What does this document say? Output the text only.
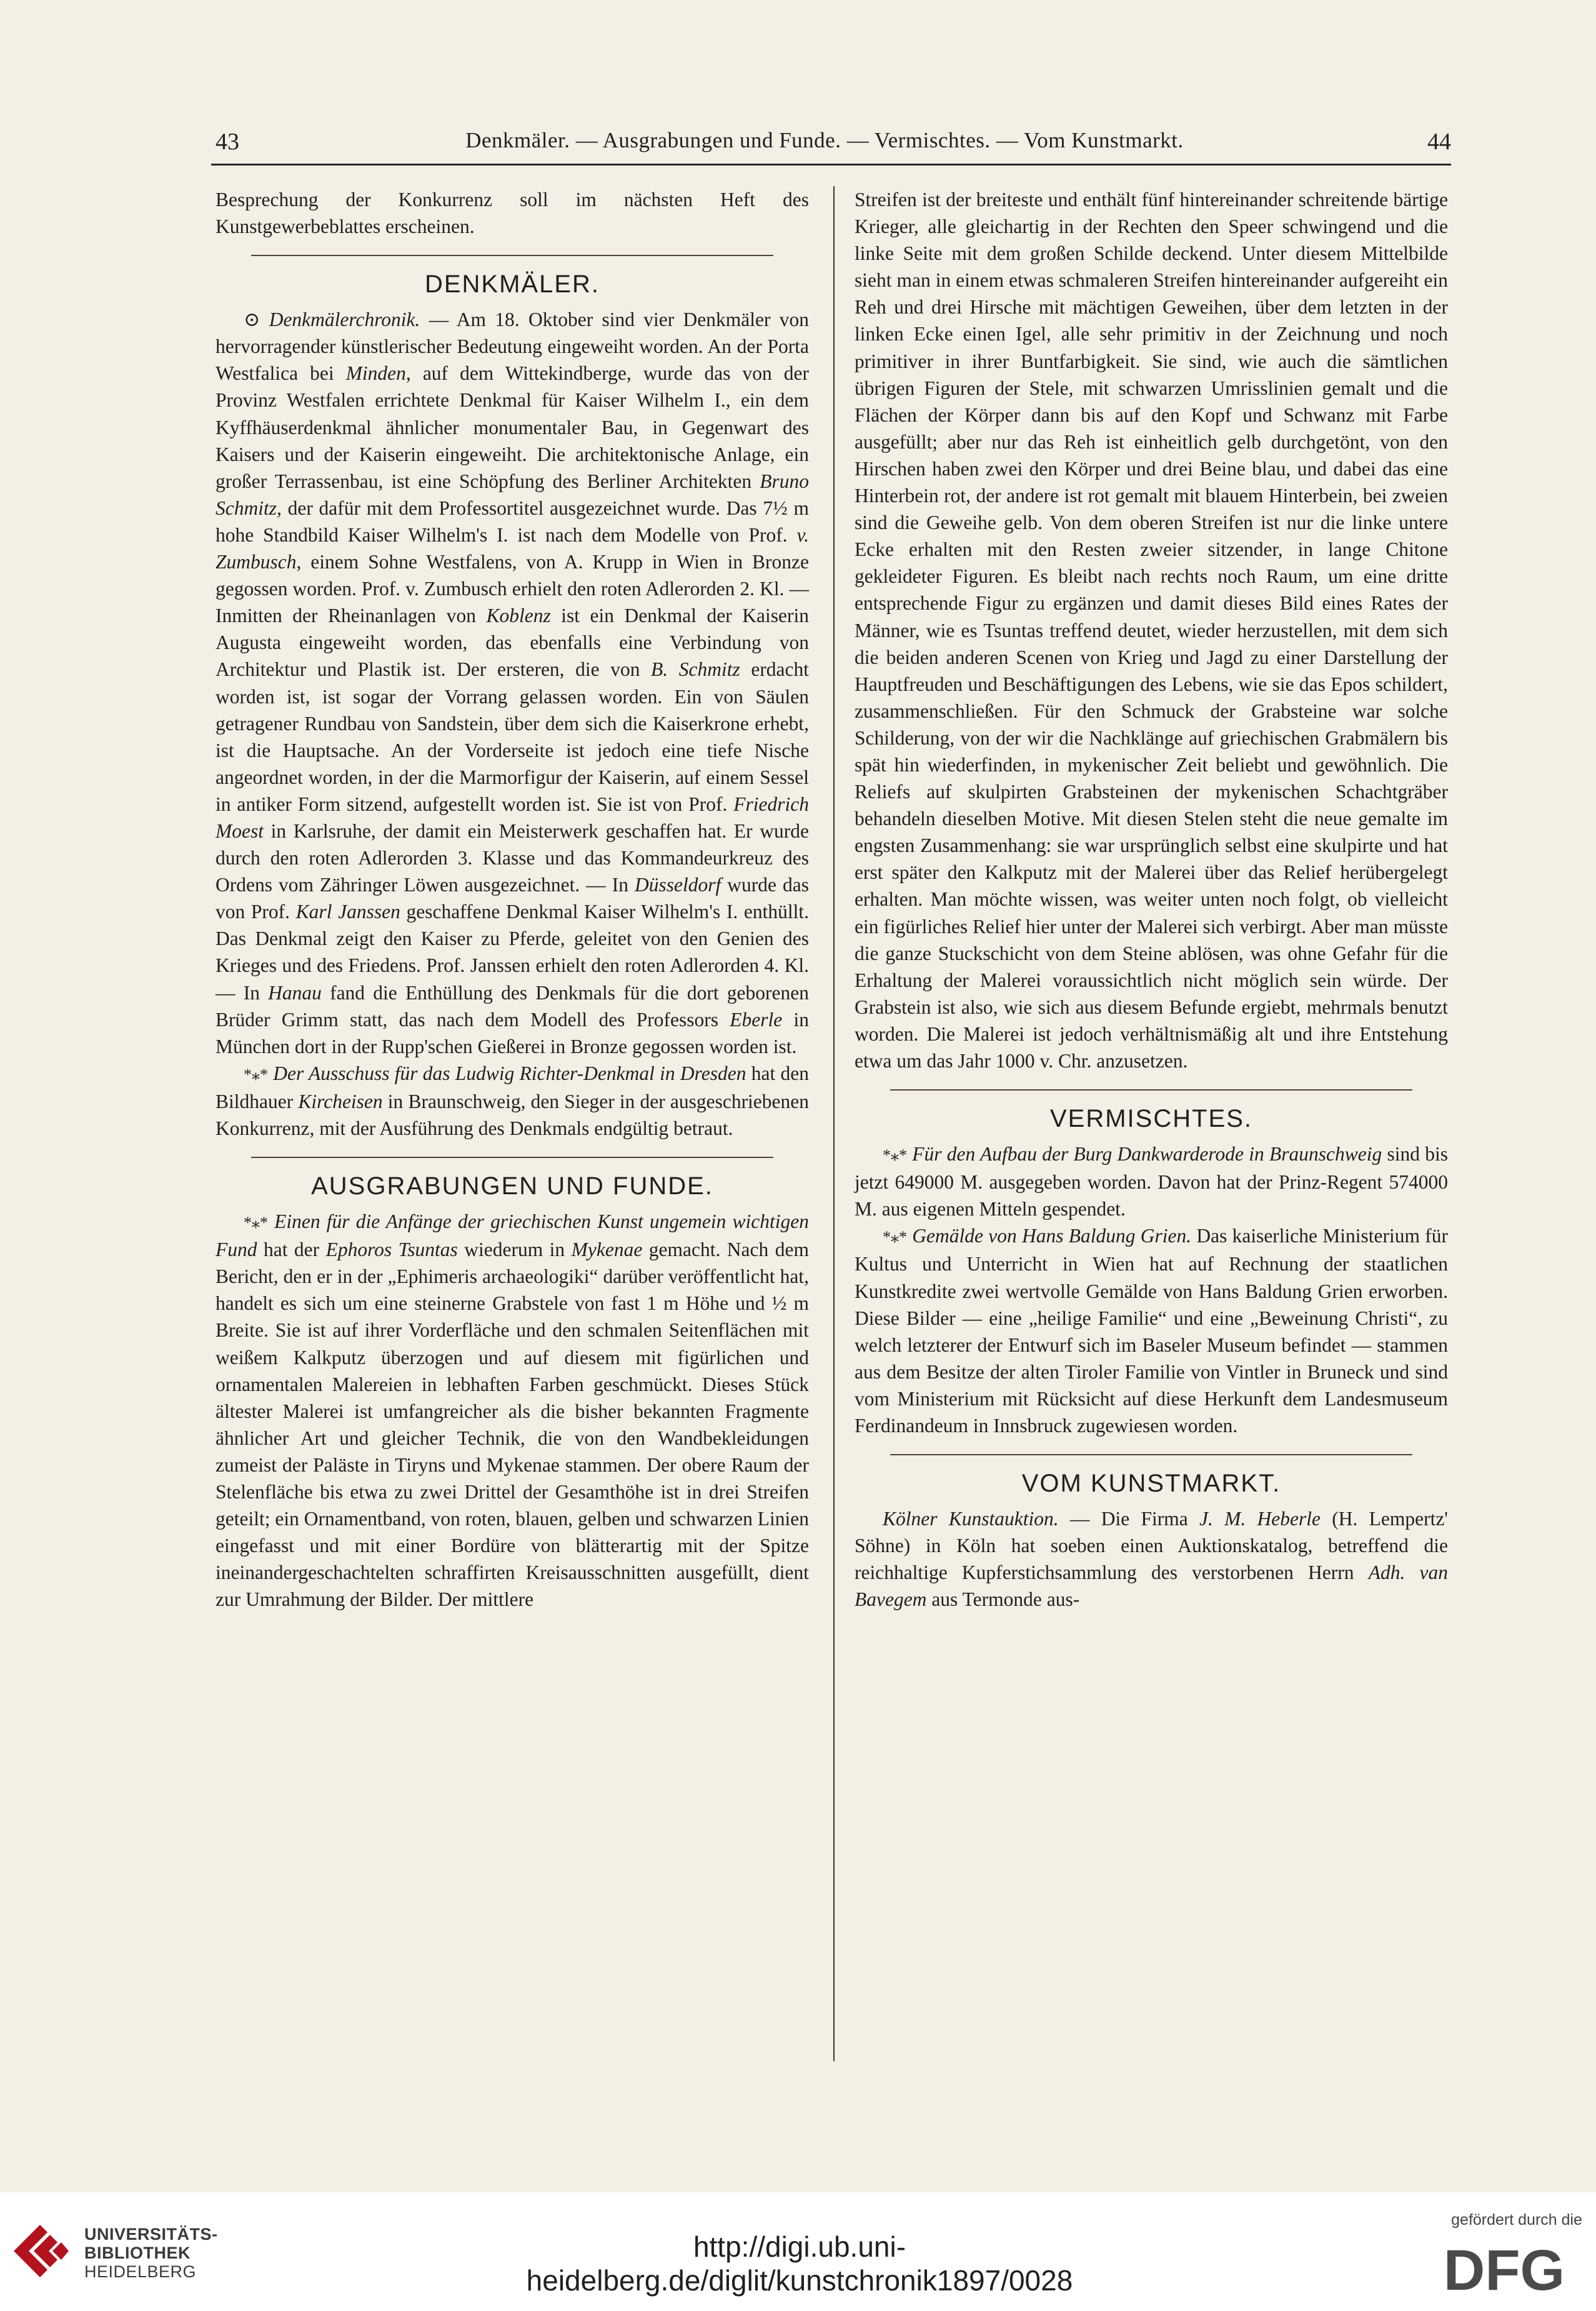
43	Denkmäler. — Ausgrabungen und Funde. — Vermischtes. — Vom Kunstmarkt.	44

Besprechung der Konkurrenz soll im nächsten Heft des Kunstgewerbeblattes erscheinen.

DENKMÄLER.

⊙ Denkmälerchronik. — Am 18. Oktober sind vier Denkmäler von hervorragender künstlerischer Bedeutung eingeweiht worden. An der Porta Westfalica bei Minden, auf dem Wittekindberge, wurde das von der Provinz Westfalen errichtete Denkmal für Kaiser Wilhelm I., ein dem Kyffhäuserdenkmal ähnlicher monumentaler Bau, in Gegenwart des Kaisers und der Kaiserin eingeweiht. Die architektonische Anlage, ein großer Terrassenbau, ist eine Schöpfung des Berliner Architekten Bruno Schmitz, der dafür mit dem Professortitel ausgezeichnet wurde. Das 7½ m hohe Standbild Kaiser Wilhelm's I. ist nach dem Modelle von Prof. v. Zumbusch, einem Sohne Westfalens, von A. Krupp in Wien in Bronze gegossen worden. Prof. v. Zumbusch erhielt den roten Adlerorden 2. Kl. — Inmitten der Rheinanlagen von Koblenz ist ein Denkmal der Kaiserin Augusta eingeweiht worden, das ebenfalls eine Verbindung von Architektur und Plastik ist. Der ersteren, die von B. Schmitz erdacht worden ist, ist sogar der Vorrang gelassen worden. Ein von Säulen getragener Rundbau von Sandstein, über dem sich die Kaiserkrone erhebt, ist die Hauptsache. An der Vorderseite ist jedoch eine tiefe Nische angeordnet worden, in der die Marmorfigur der Kaiserin, auf einem Sessel in antiker Form sitzend, aufgestellt worden ist. Sie ist von Prof. Friedrich Moest in Karlsruhe, der damit ein Meisterwerk geschaffen hat. Er wurde durch den roten Adlerorden 3. Klasse und das Kommandeurkreuz des Ordens vom Zähringer Löwen ausgezeichnet. — In Düsseldorf wurde das von Prof. Karl Janssen geschaffene Denkmal Kaiser Wilhelm's I. enthüllt. Das Denkmal zeigt den Kaiser zu Pferde, geleitet von den Genien des Krieges und des Friedens. Prof. Janssen erhielt den roten Adlerorden 4. Kl. — In Hanau fand die Enthüllung des Denkmals für die dort geborenen Brüder Grimm statt, das nach dem Modell des Professors Eberle in München dort in der Rupp'schen Gießerei in Bronze gegossen worden ist.

*⁎* Der Ausschuss für das Ludwig Richter-Denkmal in Dresden hat den Bildhauer Kircheisen in Braunschweig, den Sieger in der ausgeschriebenen Konkurrenz, mit der Ausführung des Denkmals endgültig betraut.

AUSGRABUNGEN UND FUNDE.

*⁎* Einen für die Anfänge der griechischen Kunst ungemein wichtigen Fund hat der Ephoros Tsuntas wiederum in Mykenae gemacht. Nach dem Bericht, den er in der „Ephimeris archaeologiki“ darüber veröffentlicht hat, handelt es sich um eine steinerne Grabstele von fast 1 m Höhe und ½ m Breite. Sie ist auf ihrer Vorderfläche und den schmalen Seitenflächen mit weißem Kalkputz überzogen und auf diesem mit figürlichen und ornamentalen Malereien in lebhaften Farben geschmückt. Dieses Stück ältester Malerei ist umfangreicher als die bisher bekannten Fragmente ähnlicher Art und gleicher Technik, die von den Wandbekleidungen zumeist der Paläste in Tiryns und Mykenae stammen. Der obere Raum der Stelenfläche bis etwa zu zwei Drittel der Gesamthöhe ist in drei Streifen geteilt; ein Ornamentband, von roten, blauen, gelben und schwarzen Linien eingefasst und mit einer Bordüre von blätterartig mit der Spitze ineinandergeschachtelten schraffirten Kreisausschnitten ausgefüllt, dient zur Umrahmung der Bilder. Der mittlere

Streifen ist der breiteste und enthält fünf hintereinander schreitende bärtige Krieger, alle gleichartig in der Rechten den Speer schwingend und die linke Seite mit dem großen Schilde deckend. Unter diesem Mittelbilde sieht man in einem etwas schmaleren Streifen hintereinander aufgereiht ein Reh und drei Hirsche mit mächtigen Geweihen, über dem letzten in der linken Ecke einen Igel, alle sehr primitiv in der Zeichnung und noch primitiver in ihrer Buntfarbigkeit. Sie sind, wie auch die sämtlichen übrigen Figuren der Stele, mit schwarzen Umrisslinien gemalt und die Flächen der Körper dann bis auf den Kopf und Schwanz mit Farbe ausgefüllt; aber nur das Reh ist einheitlich gelb durchgetönt, von den Hirschen haben zwei den Körper und drei Beine blau, und dabei das eine Hinterbein rot, der andere ist rot gemalt mit blauem Hinterbein, bei zweien sind die Geweihe gelb. Von dem oberen Streifen ist nur die linke untere Ecke erhalten mit den Resten zweier sitzender, in lange Chitone gekleideter Figuren. Es bleibt nach rechts noch Raum, um eine dritte entsprechende Figur zu ergänzen und damit dieses Bild eines Rates der Männer, wie es Tsuntas treffend deutet, wieder herzustellen, mit dem sich die beiden anderen Scenen von Krieg und Jagd zu einer Darstellung der Hauptfreuden und Beschäftigungen des Lebens, wie sie das Epos schildert, zusammenschließen. Für den Schmuck der Grabsteine war solche Schilderung, von der wir die Nachklänge auf griechischen Grabmälern bis spät hin wiederfinden, in mykenischer Zeit beliebt und gewöhnlich. Die Reliefs auf skulpirten Grabsteinen der mykenischen Schachtgräber behandeln dieselben Motive. Mit diesen Stelen steht die neue gemalte im engsten Zusammenhang: sie war ursprünglich selbst eine skulpirte und hat erst später den Kalkputz mit der Malerei über das Relief herübergelegt erhalten. Man möchte wissen, was weiter unten noch folgt, ob vielleicht ein figürliches Relief hier unter der Malerei sich verbirgt. Aber man müsste die ganze Stuckschicht von dem Steine ablösen, was ohne Gefahr für die Erhaltung der Malerei voraussichtlich nicht möglich sein würde. Der Grabstein ist also, wie sich aus diesem Befunde ergiebt, mehrmals benutzt worden. Die Malerei ist jedoch verhältnismäßig alt und ihre Entstehung etwa um das Jahr 1000 v. Chr. anzusetzen.

VERMISCHTES.

*⁎* Für den Aufbau der Burg Dankwarderode in Braunschweig sind bis jetzt 649000 M. ausgegeben worden. Davon hat der Prinz-Regent 574000 M. aus eigenen Mitteln gespendet.

*⁎* Gemälde von Hans Baldung Grien. Das kaiserliche Ministerium für Kultus und Unterricht in Wien hat auf Rechnung der staatlichen Kunstkredite zwei wertvolle Gemälde von Hans Baldung Grien erworben. Diese Bilder — eine „heilige Familie“ und eine „Beweinung Christi“, zu welch letzterer der Entwurf sich im Baseler Museum befindet — stammen aus dem Besitze der alten Tiroler Familie von Vintler in Bruneck und sind vom Ministerium mit Rücksicht auf diese Herkunft dem Landesmuseum Ferdinandeum in Innsbruck zugewiesen worden.

VOM KUNSTMARKT.

Kölner Kunstauktion. — Die Firma J. M. Heberle (H. Lempertz' Söhne) in Köln hat soeben einen Auktionskatalog, betreffend die reichhaltige Kupferstichsammlung des verstorbenen Herrn Adh. van Bavegem aus Termonde aus-

UNIVERSITÄTS-
BIBLIOTHEK
HEIDELBERG
http://digi.ub.uni-heidelberg.de/diglit/kunstchronik1897/0028
gefördert durch die
DFG
